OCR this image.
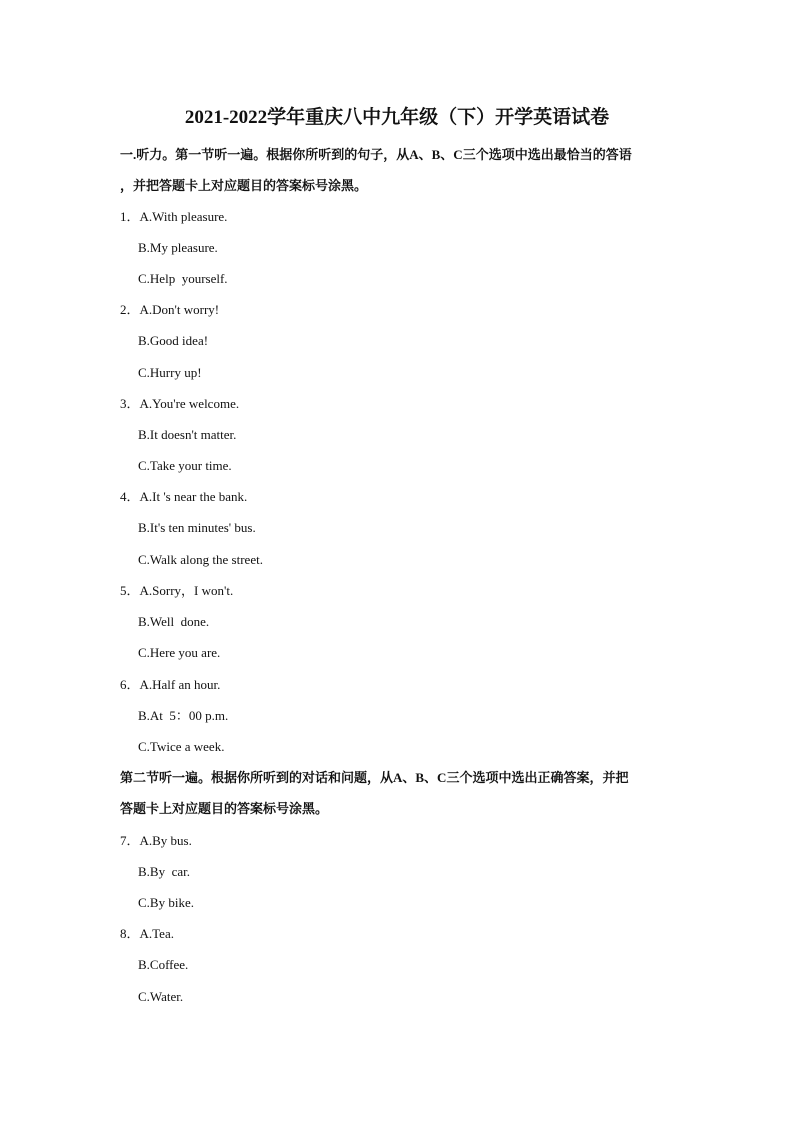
2021-2022学年重庆八中九年级（下）开学英语试卷
一.听力。第一节听一遍。根据你所听到的句子，从A、B、C三个选项中选出最恰当的答语
，并把答题卡上对应题目的答案标号涂黑。
1．A.With pleasure.
B.My pleasure.
C.Help  yourself.
2．A.Don't worry!
B.Good idea!
C.Hurry up!
3．A.You're welcome.
B.It doesn't matter.
C.Take your time.
4．A.It 's near the bank.
B.It's ten minutes' bus.
C.Walk along the street.
5．A.Sorry，I won't.
B.Well  done.
C.Here you are.
6．A.Half an hour.
B.At  5：00 p.m.
C.Twice a week.
第二节听一遍。根据你所听到的对话和问题，从A、B、C三个选项中选出正确答案，并把
答题卡上对应题目的答案标号涂黑。
7．A.By bus.
B.By  car.
C.By bike.
8．A.Tea.
B.Coffee.
C.Water.
